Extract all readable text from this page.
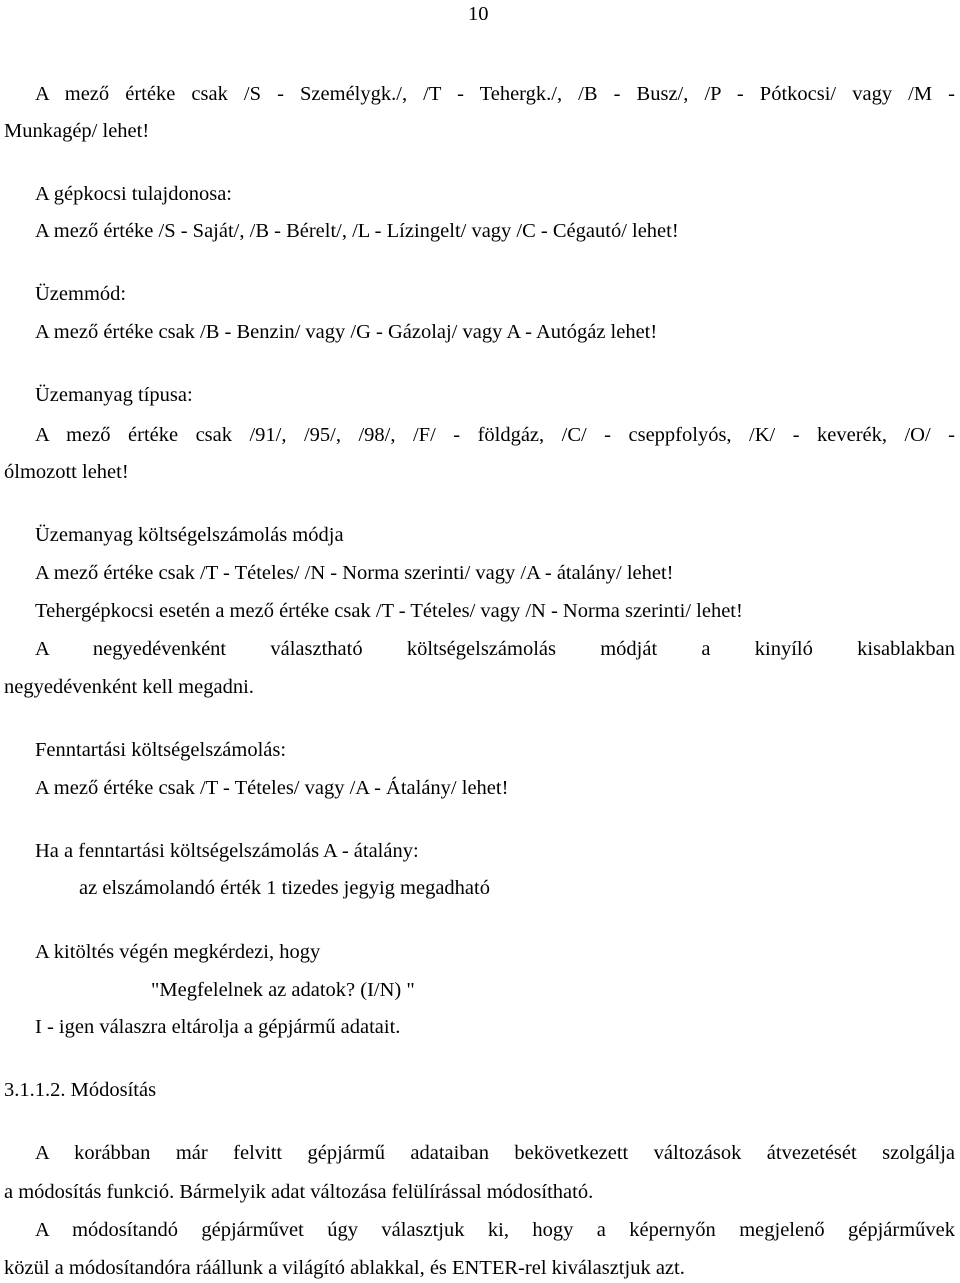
10
A mező értéke csak /S - Személygk./, /T - Tehergk./, /B - Busz/, /P - Pótkocsi/ vagy /M -
Munkagép/ lehet!
A gépkocsi tulajdonosa:
A mező értéke /S - Saját/, /B - Bérelt/, /L - Lízingelt/ vagy /C - Cégautó/ lehet!
Üzemmód:
A mező értéke csak /B - Benzin/ vagy /G - Gázolaj/ vagy A - Autógáz lehet!
Üzemanyag típusa:
A mező értéke csak /91/, /95/, /98/, /F/ - földgáz, /C/ - cseppfolyós, /K/ - keverék, /O/ -
ólmozott lehet!
Üzemanyag költségelszámolás módja
A mező értéke csak /T - Tételes/ /N - Norma szerinti/ vagy /A - átalány/ lehet!
Tehergépkocsi esetén a mező értéke csak /T - Tételes/ vagy /N - Norma szerinti/ lehet!
A negyedévenként választható költségelszámolás módját a kinyíló kisablakban
negyedévenként kell megadni.
Fenntartási költségelszámolás:
A mező értéke csak /T - Tételes/ vagy /A - Átalány/ lehet!
Ha a fenntartási költségelszámolás A - átalány:
az elszámolandó érték 1 tizedes jegyig megadható
A kitöltés végén megkérdezi, hogy
"Megfelelnek az adatok? (I/N) "
I - igen válaszra eltárolja a gépjármű adatait.
3.1.1.2. Módosítás
A korábban már felvitt gépjármű adataiban bekövetkezett változások átvezetését szolgálja
a módosítás funkció. Bármelyik adat változása felülírással módosítható.
A módosítandó gépjárművet úgy választjuk ki, hogy a képernyőn megjelenő gépjárművek
közül a módosítandóra ráállunk a világító ablakkal, és ENTER-rel kiválasztjuk azt.
